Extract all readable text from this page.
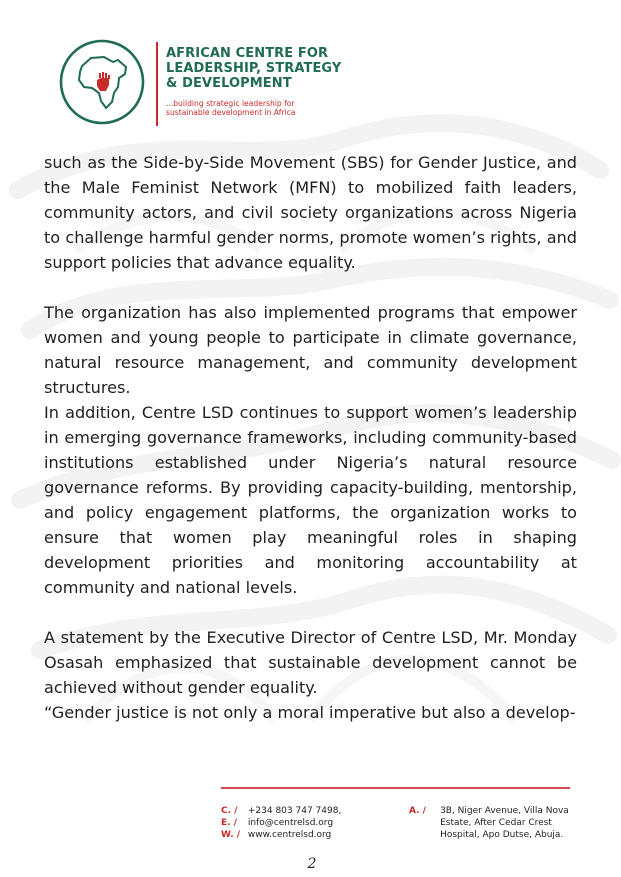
AFRICAN CENTRE FOR
LEADERSHIP, STRATEGY
& DEVELOPMENT
...building strategic leadership for
sustainable development in Africa

such as the Side-by-Side Movement (SBS) for Gender Justice, and the Male Feminist Network (MFN) to mobilized faith leaders, community actors, and civil society organizations across Nigeria to challenge harmful gender norms, promote women’s rights, and support policies that advance equality.

The organization has also implemented programs that empower women and young people to participate in climate governance, natural resource management, and community development structures.

In addition, Centre LSD continues to support women’s leadership in emerging governance frameworks, including community-based institutions established under Nigeria’s natural resource governance reforms. By providing capacity-building, mentorship, and policy engagement platforms, the organization works to ensure that women play meaningful roles in shaping development priorities and monitoring accountability at community and national levels.

A statement by the Executive Director of Centre LSD, Mr. Monday Osasah emphasized that sustainable development cannot be achieved without gender equality.

“Gender justice is not only a moral imperative but also a develop-

C. / +234 803 747 7498,
E. / info@centrelsd.org
W. / www.centrelsd.org
A. /	3B, Niger Avenue, Villa Nova
Estate, After Cedar Crest
Hospital, Apo Dutse, Abuja.
2
